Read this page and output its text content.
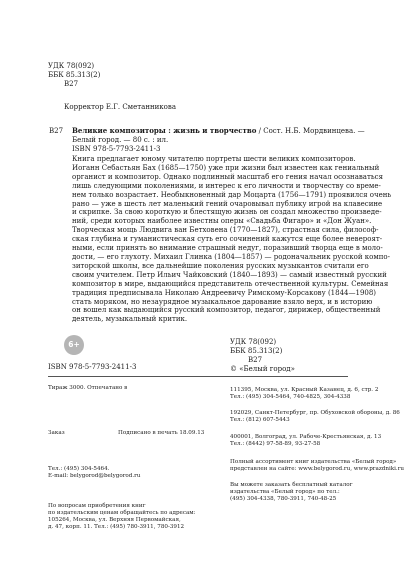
УДК 78(092)
ББК 85.313(2)
В27
Корректор Е.Г. Сметанникова
В27 Великие композиторы : жизнь и творчество / Сост. Н.Б. Мордвинцева. —
Белый город. — 80 с. : ил.
ISBN 978-5-7793-2411-3
Книга предлагает юному читателю портреты шести великих композиторов.
Иоганн Себастьян Бах (1685—1750) уже при жизни был известен как гениальный
органист и композитор. Однако подлинный масштаб его гения начал осознаваться
лишь следующими поколениями, и интерес к его личности и творчеству со време-
нем только возрастает. Необыкновенный дар Моцарта (1756—1791) проявился очень
рано — уже в шесть лет маленький гений очаровывал публику игрой на клавесине
и скрипке. За свою короткую и блестящую жизнь он создал множество произведе-
ний, среди которых наиболее известны оперы «Свадьба Фигаро» и «Дон Жуан».
Творческая мощь Людвига ван Бетховена (1770—1827), страстная сила, философ-
ская глубина и гуманистическая суть его сочинений кажутся еще более невероят-
ными, если принять во внимание страшный недуг, поразивший творца еще в моло-
дости, — его глухоту. Михаил Глинка (1804—1857) — родоначальник русской компо-
зиторской школы, все дальнейшие поколения русских музыкантов считали его
своим учителем. Петр Ильич Чайковский (1840—1893) — самый известный русский
композитор в мире, выдающийся представитель отечественной культуры. Семейная
традиция предписывала Николаю Андреевичу Римскому-Корсакову (1844—1908)
стать моряком, но незаурядное музыкальное дарование взяло верх, и в историю
он вошел как выдающийся русский композитор, педагог, дирижер, общественный
деятель, музыкальный критик.
6+	УДК 78(092)
ББК 85.313(2)
В27
© «Белый город»
ISBN 978-5-7793-2411-3
Тираж 3000. Отпечатано в
Заказ	Подписано в печать 18.09.13
Тел.: (495) 304-5464.
E-mail: belygorod@belygorod.ru
По вопросам приобретения книг
по издательским ценам обращайтесь по адресам:
105264, Москва, ул. Верхняя Первомайская,
д. 47, корп. 11. Тел.: (495) 780-3911, 780-3912
111395, Москва, ул. Красный Казанец, д. 6, стр. 2
Тел.: (495) 304-5464, 740-4825, 304-4338
192029, Санкт-Петербург, пр. Обуховской обороны, д. 86
Тел.: (812) 607-5443
400001, Волгоград, ул. Рабоче-Крестьянская, д. 13
Тел.: (8442) 97-58-89, 93-27-58
Полный ассортимент книг издательства «Белый город»
представлен на сайте: www.belygorod.ru, www.prazdniki.ru
Вы можете заказать бесплатный каталог
издательства «Белый город» по тел.:
(495) 304-4338, 780-3911, 740-48-25
